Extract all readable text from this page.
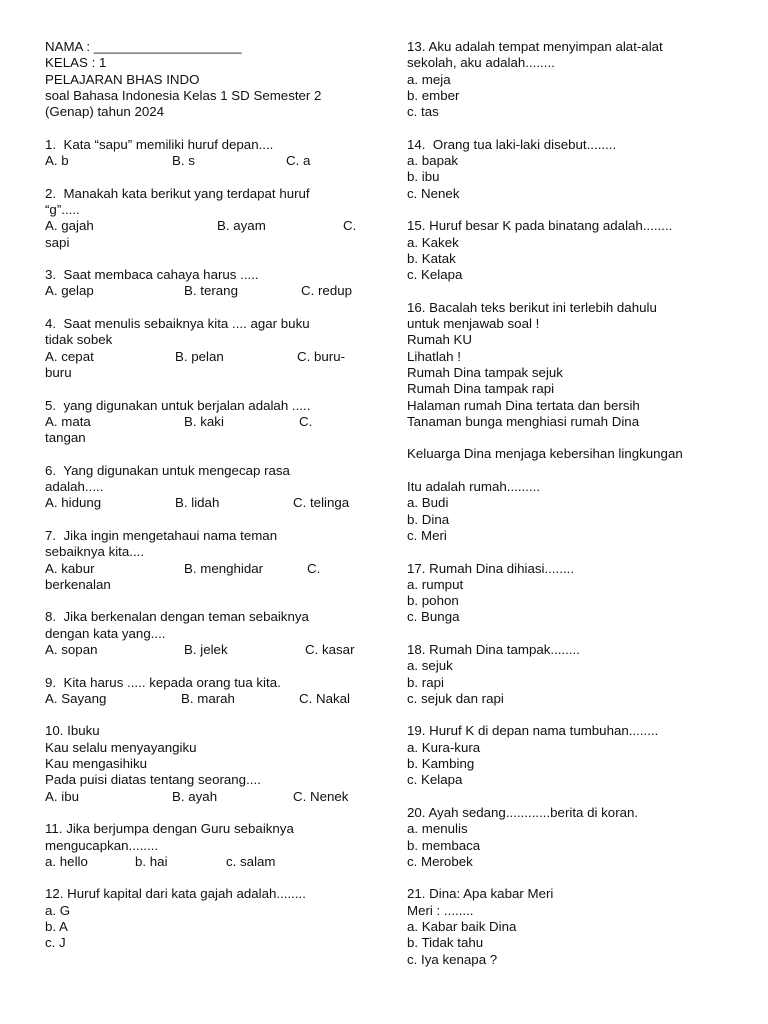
NAMA : ____________________
KELAS : 1
PELAJARAN BHAS INDO
soal Bahasa Indonesia Kelas 1 SD Semester 2
(Genap) tahun 2024
1.  Kata “sapu” memiliki huruf depan....
A. b	B. s	C. a
2.  Manakah kata berikut yang terdapat huruf
“g”.....
A. gajah	B. ayam	C.
sapi
3.  Saat membaca cahaya harus .....
A. gelap	B. terang	C. redup
4.  Saat menulis sebaiknya kita .... agar buku
tidak sobek
A. cepat	B. pelan	C. buru-
buru
5.  yang digunakan untuk berjalan adalah .....
A. mata	B. kaki	C.
tangan
6.  Yang digunakan untuk mengecap rasa
adalah.....
A. hidung	B. lidah	C. telinga
7.  Jika ingin mengetahaui nama teman
sebaiknya kita....
A. kabur	B. menghidar	C.
berkenalan
8.  Jika berkenalan dengan teman sebaiknya
dengan kata yang....
A. sopan	B. jelek	C. kasar
9.  Kita harus ..... kepada orang tua kita.
A. Sayang	B. marah	C. Nakal
10. Ibuku
Kau selalu menyayangiku
Kau mengasihiku
Pada puisi diatas tentang seorang....
A. ibu	B. ayah	C. Nenek
11. Jika berjumpa dengan Guru sebaiknya
mengucapkan........
a. hello	b. hai	c. salam
12. Huruf kapital dari kata gajah adalah........
a. G
b. A
c. J
13. Aku adalah tempat menyimpan alat-alat
sekolah, aku adalah........
a. meja
b. ember
c. tas
14.  Orang tua laki-laki disebut........
a. bapak
b. ibu
c. Nenek
15. Huruf besar K pada binatang adalah........
a. Kakek
b. Katak
c. Kelapa
16. Bacalah teks berikut ini terlebih dahulu
untuk menjawab soal !
Rumah KU
Lihatlah !
Rumah Dina tampak sejuk
Rumah Dina tampak rapi
Halaman rumah Dina tertata dan bersih
Tanaman bunga menghiasi rumah Dina
Keluarga Dina menjaga kebersihan lingkungan
Itu adalah rumah.........
a. Budi
b. Dina
c. Meri
17. Rumah Dina dihiasi........
a. rumput
b. pohon
c. Bunga
18. Rumah Dina tampak........
a. sejuk
b. rapi
c. sejuk dan rapi
19. Huruf K di depan nama tumbuhan........
a. Kura-kura
b. Kambing
c. Kelapa
20. Ayah sedang............berita di koran.
a. menulis
b. membaca
c. Merobek
21. Dina: Apa kabar Meri
Meri : ........
a. Kabar baik Dina
b. Tidak tahu
c. Iya kenapa ?
